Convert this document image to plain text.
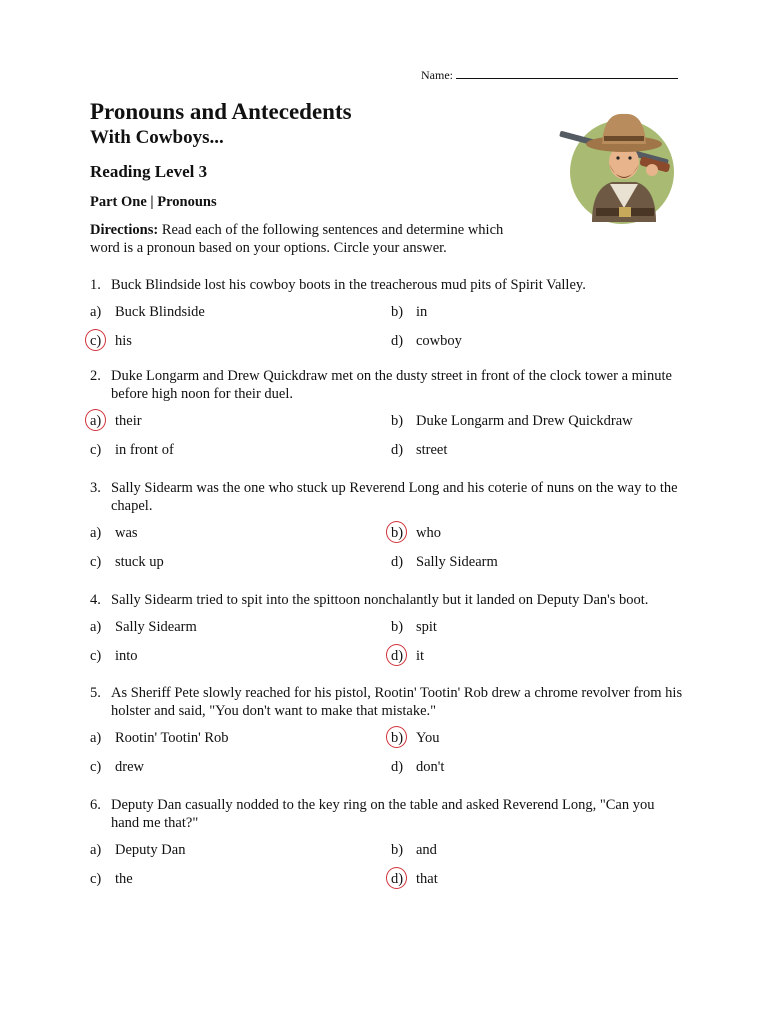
Name:
Pronouns and Antecedents
With Cowboys...
Reading Level 3
Part One | Pronouns
Directions: Read each of the following sentences and determine which word is a pronoun based on your options. Circle your answer.
1. Buck Blindside lost his cowboy boots in the treacherous mud pits of Spirit Valley.
a) Buck Blindside	b) in
c) his	d) cowboy
2. Duke Longarm and Drew Quickdraw met on the dusty street in front of the clock tower a minute before high noon for their duel.
a) their	b) Duke Longarm and Drew Quickdraw
c) in front of	d) street
3. Sally Sidearm was the one who stuck up Reverend Long and his coterie of nuns on the way to the chapel.
a) was	b) who
c) stuck up	d) Sally Sidearm
4. Sally Sidearm tried to spit into the spittoon nonchalantly but it landed on Deputy Dan's boot.
a) Sally Sidearm	b) spit
c) into	d) it
5. As Sheriff Pete slowly reached for his pistol, Rootin' Tootin' Rob drew a chrome revolver from his holster and said, "You don't want to make that mistake."
a) Rootin' Tootin' Rob	b) You
c) drew	d) don't
6. Deputy Dan casually nodded to the key ring on the table and asked Reverend Long, "Can you hand me that?"
a) Deputy Dan	b) and
c) the	d) that
